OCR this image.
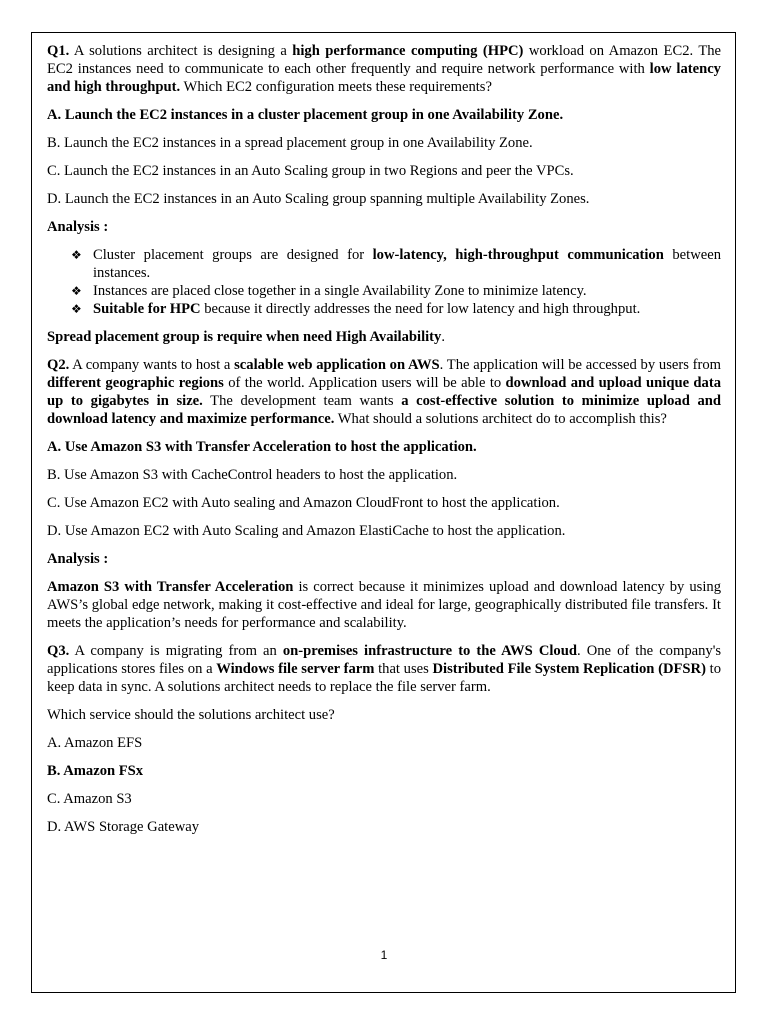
Q1. A solutions architect is designing a high performance computing (HPC) workload on Amazon EC2. The EC2 instances need to communicate to each other frequently and require network performance with low latency and high throughput. Which EC2 configuration meets these requirements?

A. Launch the EC2 instances in a cluster placement group in one Availability Zone.

B. Launch the EC2 instances in a spread placement group in one Availability Zone.

C. Launch the EC2 instances in an Auto Scaling group in two Regions and peer the VPCs.

D. Launch the EC2 instances in an Auto Scaling group spanning multiple Availability Zones.

Analysis :

❖ Cluster placement groups are designed for low-latency, high-throughput communication between instances.
❖ Instances are placed close together in a single Availability Zone to minimize latency.
❖ Suitable for HPC because it directly addresses the need for low latency and high throughput.

Spread placement group is require when need High Availability.

Q2. A company wants to host a scalable web application on AWS. The application will be accessed by users from different geographic regions of the world. Application users will be able to download and upload unique data up to gigabytes in size. The development team wants a cost-effective solution to minimize upload and download latency and maximize performance. What should a solutions architect do to accomplish this?

A. Use Amazon S3 with Transfer Acceleration to host the application.

B. Use Amazon S3 with CacheControl headers to host the application.

C. Use Amazon EC2 with Auto sealing and Amazon CloudFront to host the application.

D. Use Amazon EC2 with Auto Scaling and Amazon ElastiCache to host the application.

Analysis :

Amazon S3 with Transfer Acceleration is correct because it minimizes upload and download latency by using AWS’s global edge network, making it cost-effective and ideal for large, geographically distributed file transfers. It meets the application’s needs for performance and scalability.

Q3. A company is migrating from an on-premises infrastructure to the AWS Cloud. One of the company's applications stores files on a Windows file server farm that uses Distributed File System Replication (DFSR) to keep data in sync. A solutions architect needs to replace the file server farm.

Which service should the solutions architect use?

A. Amazon EFS

B. Amazon FSx

C. Amazon S3

D. AWS Storage Gateway

1
